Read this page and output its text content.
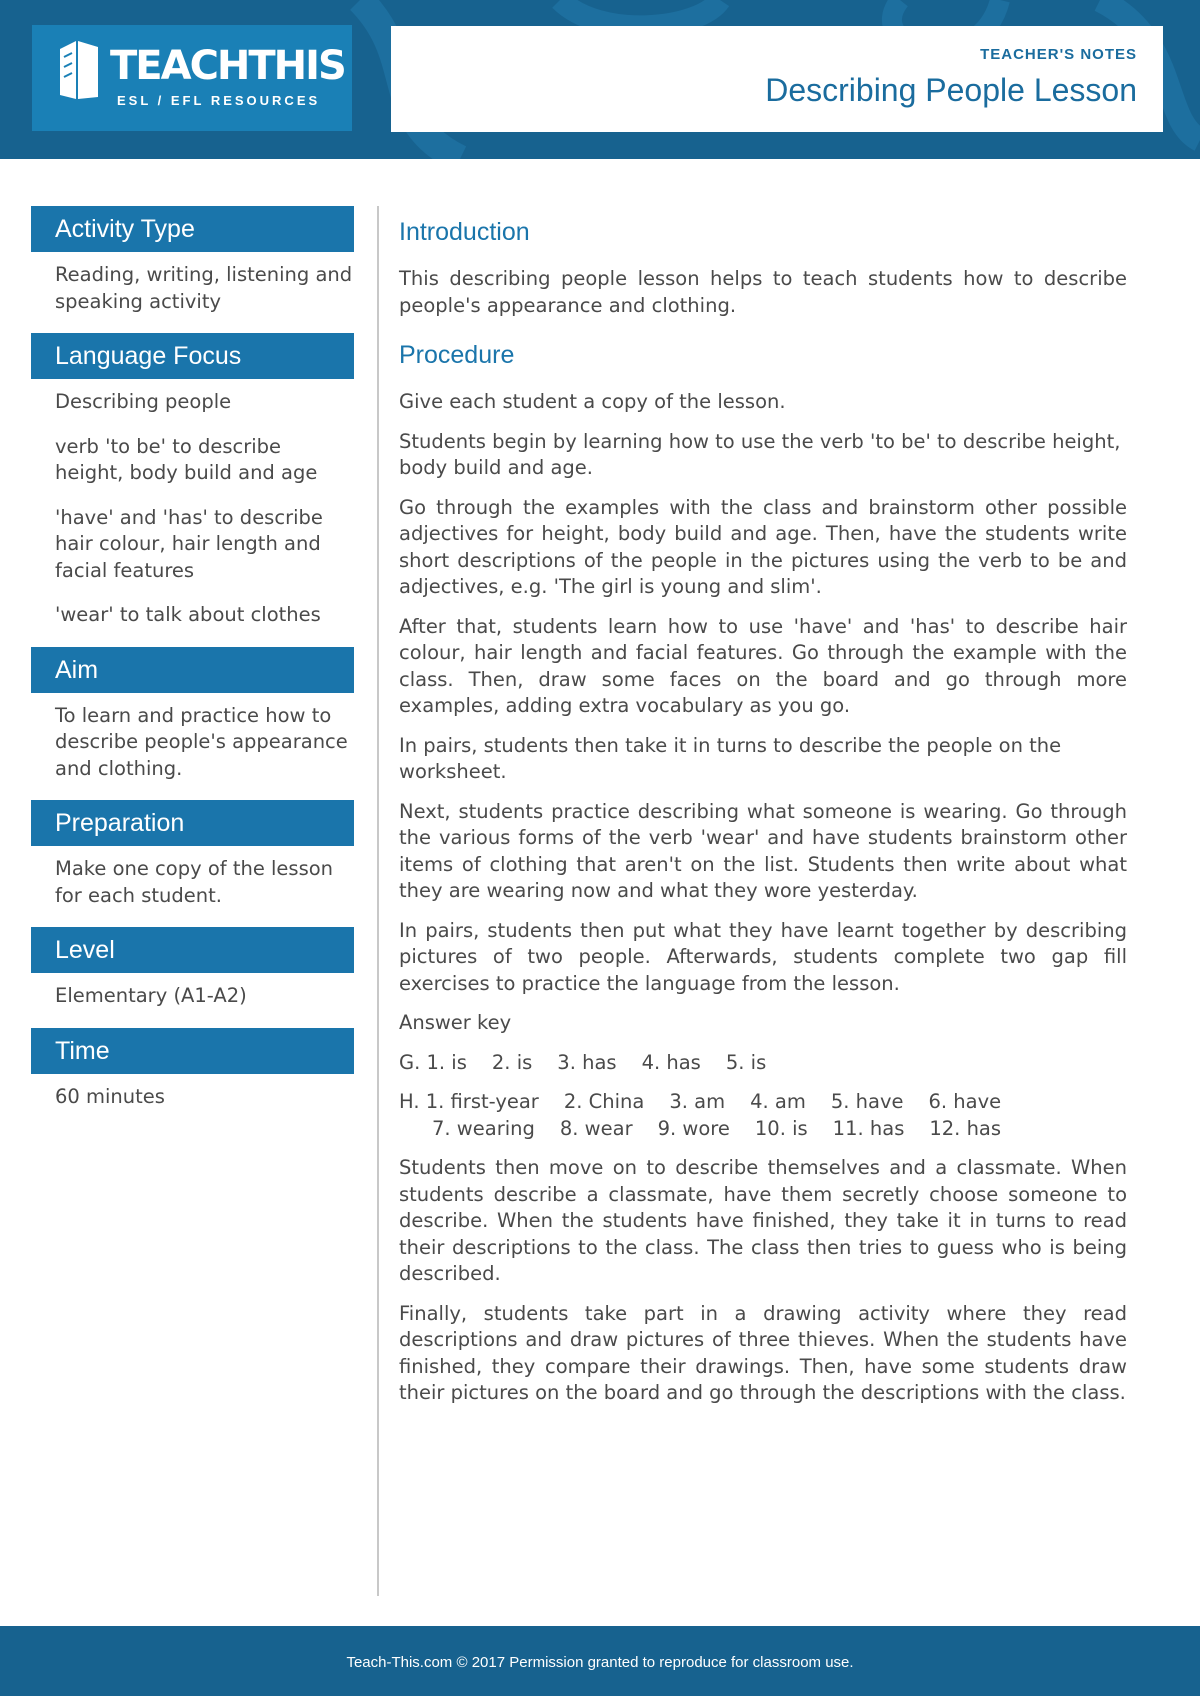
TEACHTHIS
ESL / EFL RESOURCES
TEACHER'S NOTES
Describing People Lesson
Activity Type

Reading, writing, listening and speaking activity

Language Focus

Describing people

verb 'to be' to describe height, body build and age

'have' and 'has' to describe hair colour, hair length and facial features

'wear' to talk about clothes

Aim

To learn and practice how to describe people's appearance and clothing.

Preparation

Make one copy of the lesson for each student.

Level

Elementary (A1-A2)

Time

60 minutes

Introduction

This describing people lesson helps to teach students how to describe people's appearance and clothing.

Procedure

Give each student a copy of the lesson.

Students begin by learning how to use the verb 'to be' to describe height, body build and age.

Go through the examples with the class and brainstorm other possible adjectives for height, body build and age. Then, have the students write short descriptions of the people in the pictures using the verb to be and adjectives, e.g. 'The girl is young and slim'.

After that, students learn how to use 'have' and 'has' to describe hair colour, hair length and facial features. Go through the example with the class. Then, draw some faces on the board and go through more examples, adding extra vocabulary as you go.

In pairs, students then take it in turns to describe the people on the worksheet.

Next, students practice describing what someone is wearing. Go through the various forms of the verb 'wear' and have students brainstorm other items of clothing that aren't on the list. Students then write about what they are wearing now and what they wore yesterday.

In pairs, students then put what they have learnt together by describing pictures of two people. Afterwards, students complete two gap fill exercises to practice the language from the lesson.

Answer key

G. 1. is 2. is 3. has 4. has 5. is
H. 1. first-year 2. China 3. am 4. am 5. have 6. have
7. wearing 8. wear 9. wore 10. is 11. has 12. has

Students then move on to describe themselves and a classmate. When students describe a classmate, have them secretly choose someone to describe. When the students have finished, they take it in turns to read their descriptions to the class. The class then tries to guess who is being described.

Finally, students take part in a drawing activity where they read descriptions and draw pictures of three thieves. When the students have finished, they compare their drawings. Then, have some students draw their pictures on the board and go through the descriptions with the class.

Teach-This.com © 2017 Permission granted to reproduce for classroom use.
